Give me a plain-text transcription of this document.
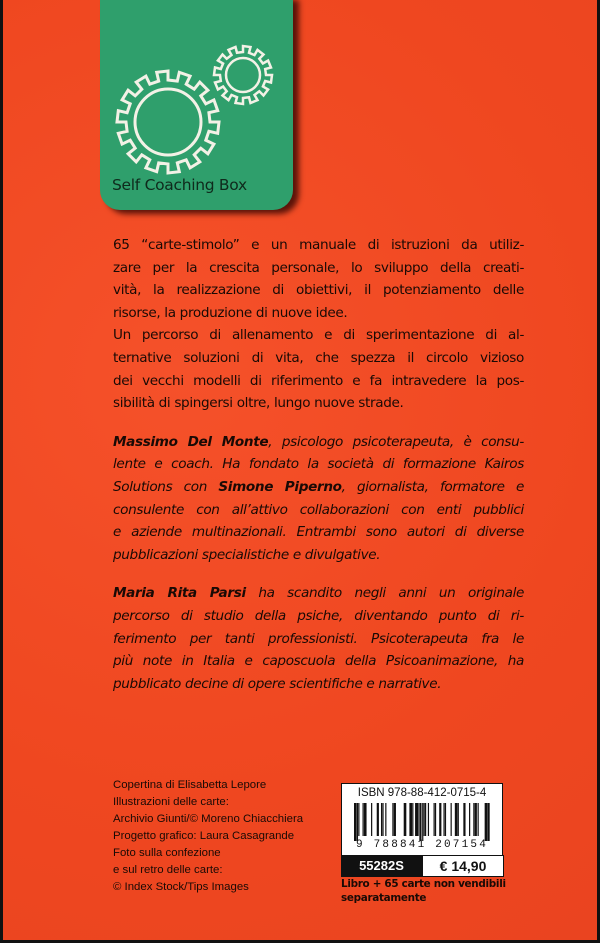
Self Coaching Box
65 “carte-stimolo” e un manuale di istruzioni da utiliz-
zare per la crescita personale, lo sviluppo della creati-
vità, la realizzazione di obiettivi, il potenziamento delle
risorse, la produzione di nuove idee.
Un percorso di allenamento e di sperimentazione di al-
ternative soluzioni di vita, che spezza il circolo vizioso
dei vecchi modelli di riferimento e fa intravedere la pos-
sibilità di spingersi oltre, lungo nuove strade.
Massimo Del Monte, psicologo psicoterapeuta, è consu-
lente e coach. Ha fondato la società di formazione Kairos
Solutions con Simone Piperno, giornalista, formatore e
consulente con all’attivo collaborazioni con enti pubblici
e aziende multinazionali. Entrambi sono autori di diverse
pubblicazioni specialistiche e divulgative.
Maria Rita Parsi ha scandito negli anni un originale
percorso di studio della psiche, diventando punto di ri-
ferimento per tanti professionisti. Psicoterapeuta fra le
più note in Italia e caposcuola della Psicoanimazione, ha
pubblicato decine di opere scientifiche e narrative.
Copertina di Elisabetta Lepore
Illustrazioni delle carte:
Archivio Giunti/© Moreno Chiacchiera
Progetto grafico: Laura Casagrande
Foto sulla confezione
e sul retro delle carte:
© Index Stock/Tips Images
ISBN 978-88-412-0715-4
9 788841 207154
55282S	€ 14,90
Libro + 65 carte non vendibili
separatamente
